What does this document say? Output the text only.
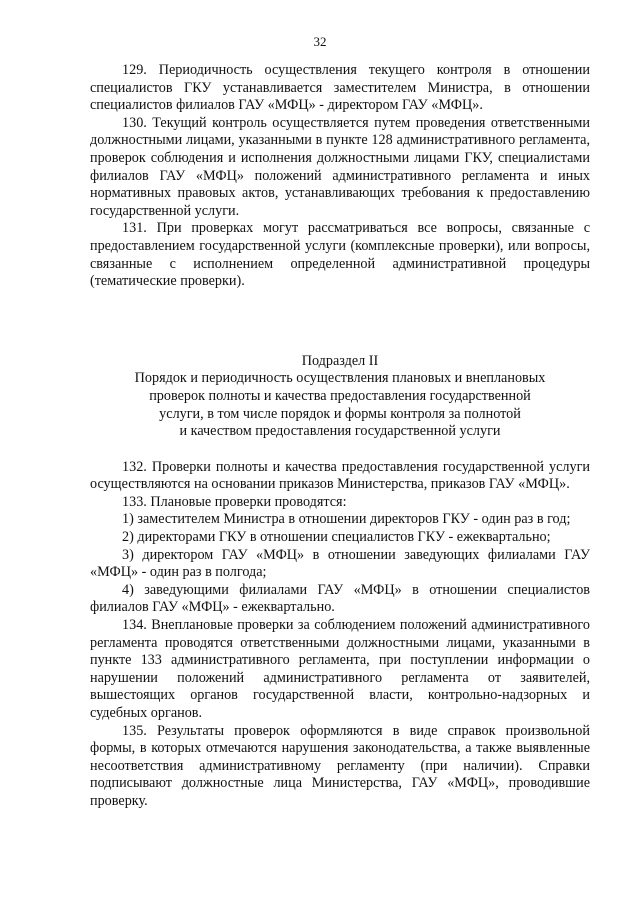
32

129. Периодичность осуществления текущего контроля в отношении специалистов ГКУ устанавливается заместителем Министра, в отношении специалистов филиалов ГАУ «МФЦ» - директором ГАУ «МФЦ».

130. Текущий контроль осуществляется путем проведения ответственными должностными лицами, указанными в пункте 128 административного регламента, проверок соблюдения и исполнения должностными лицами ГКУ, специалистами филиалов ГАУ «МФЦ» положений административного регламента и иных нормативных правовых актов, устанавливающих требования к предоставлению государственной услуги.

131. При проверках могут рассматриваться все вопросы, связанные с предоставлением государственной услуги (комплексные проверки), или вопросы, связанные с исполнением определенной административной процедуры (тематические проверки).

Подраздел II
Порядок и периодичность осуществления плановых и внеплановых
проверок полноты и качества предоставления государственной
услуги, в том числе порядок и формы контроля за полнотой
и качеством предоставления государственной услуги

132. Проверки полноты и качества предоставления государственной услуги осуществляются на основании приказов Министерства, приказов ГАУ «МФЦ».

133. Плановые проверки проводятся:

1) заместителем Министра в отношении директоров ГКУ - один раз в год;

2) директорами ГКУ в отношении специалистов ГКУ - ежеквартально;

3) директором ГАУ «МФЦ» в отношении заведующих филиалами ГАУ «МФЦ» - один раз в полгода;

4) заведующими филиалами ГАУ «МФЦ» в отношении специалистов филиалов ГАУ «МФЦ» - ежеквартально.

134. Внеплановые проверки за соблюдением положений административного регламента проводятся ответственными должностными лицами, указанными в пункте 133 административного регламента, при поступлении информации о нарушении положений административного регламента от заявителей, вышестоящих органов государственной власти, контрольно-надзорных и судебных органов.

135. Результаты проверок оформляются в виде справок произвольной формы, в которых отмечаются нарушения законодательства, а также выявленные несоответствия административному регламенту (при наличии). Справки подписывают должностные лица Министерства, ГАУ «МФЦ», проводившие проверку.
